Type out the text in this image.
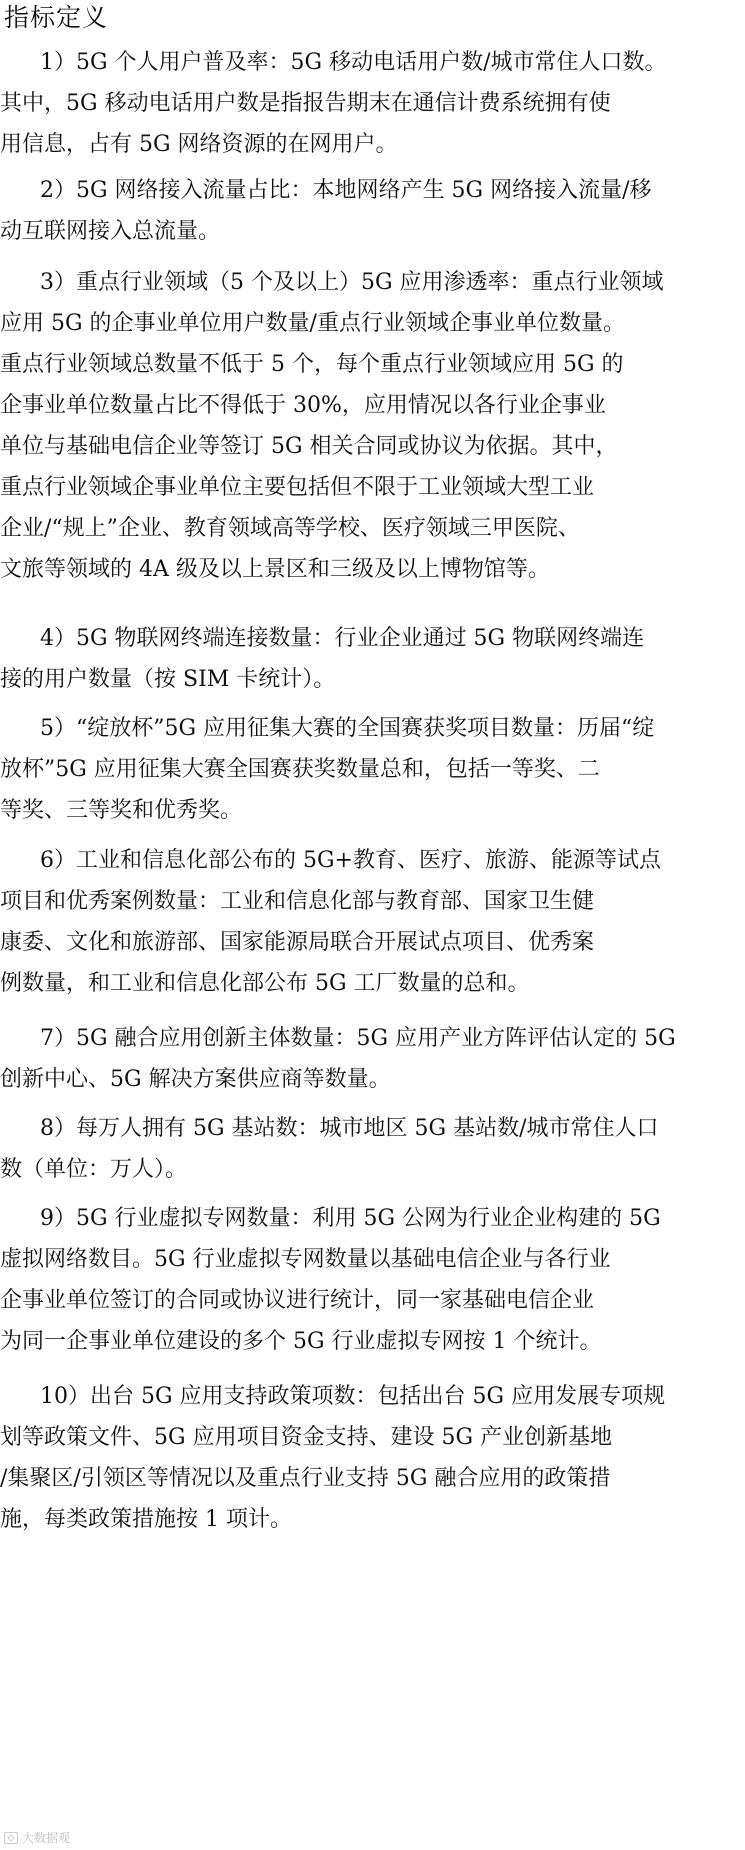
指标定义
1）5G 个人用户普及率：5G 移动电话用户数/城市常住人口数。
其中，5G 移动电话用户数是指报告期末在通信计费系统拥有使
用信息，占有 5G 网络资源的在网用户。
2）5G 网络接入流量占比：本地网络产生 5G 网络接入流量/移
动互联网接入总流量。
3）重点行业领域（5 个及以上）5G 应用渗透率：重点行业领域
应用 5G 的企事业单位用户数量/重点行业领域企事业单位数量。
重点行业领域总数量不低于 5 个，每个重点行业领域应用 5G 的
企事业单位数量占比不得低于 30%，应用情况以各行业企事业
单位与基础电信企业等签订 5G 相关合同或协议为依据。其中，
重点行业领域企事业单位主要包括但不限于工业领域大型工业
企业/“规上”企业、教育领域高等学校、医疗领域三甲医院、
文旅等领域的 4A 级及以上景区和三级及以上博物馆等。
4）5G 物联网终端连接数量：行业企业通过 5G 物联网终端连
接的用户数量（按 SIM 卡统计）。
5）“绽放杯”5G 应用征集大赛的全国赛获奖项目数量：历届“绽
放杯”5G 应用征集大赛全国赛获奖数量总和，包括一等奖、二
等奖、三等奖和优秀奖。
6）工业和信息化部公布的 5G+教育、医疗、旅游、能源等试点
项目和优秀案例数量：工业和信息化部与教育部、国家卫生健
康委、文化和旅游部、国家能源局联合开展试点项目、优秀案
例数量，和工业和信息化部公布 5G 工厂数量的总和。
7）5G 融合应用创新主体数量：5G 应用产业方阵评估认定的 5G
创新中心、5G 解决方案供应商等数量。
8）每万人拥有 5G 基站数：城市地区 5G 基站数/城市常住人口
数（单位：万人）。
9）5G 行业虚拟专网数量：利用 5G 公网为行业企业构建的 5G
虚拟网络数目。5G 行业虚拟专网数量以基础电信企业与各行业
企事业单位签订的合同或协议进行统计，同一家基础电信企业
为同一企事业单位建设的多个 5G 行业虚拟专网按 1 个统计。
10）出台 5G 应用支持政策项数：包括出台 5G 应用发展专项规
划等政策文件、5G 应用项目资金支持、建设 5G 产业创新基地
/集聚区/引领区等情况以及重点行业支持 5G 融合应用的政策措
施，每类政策措施按 1 项计。
大数据观
